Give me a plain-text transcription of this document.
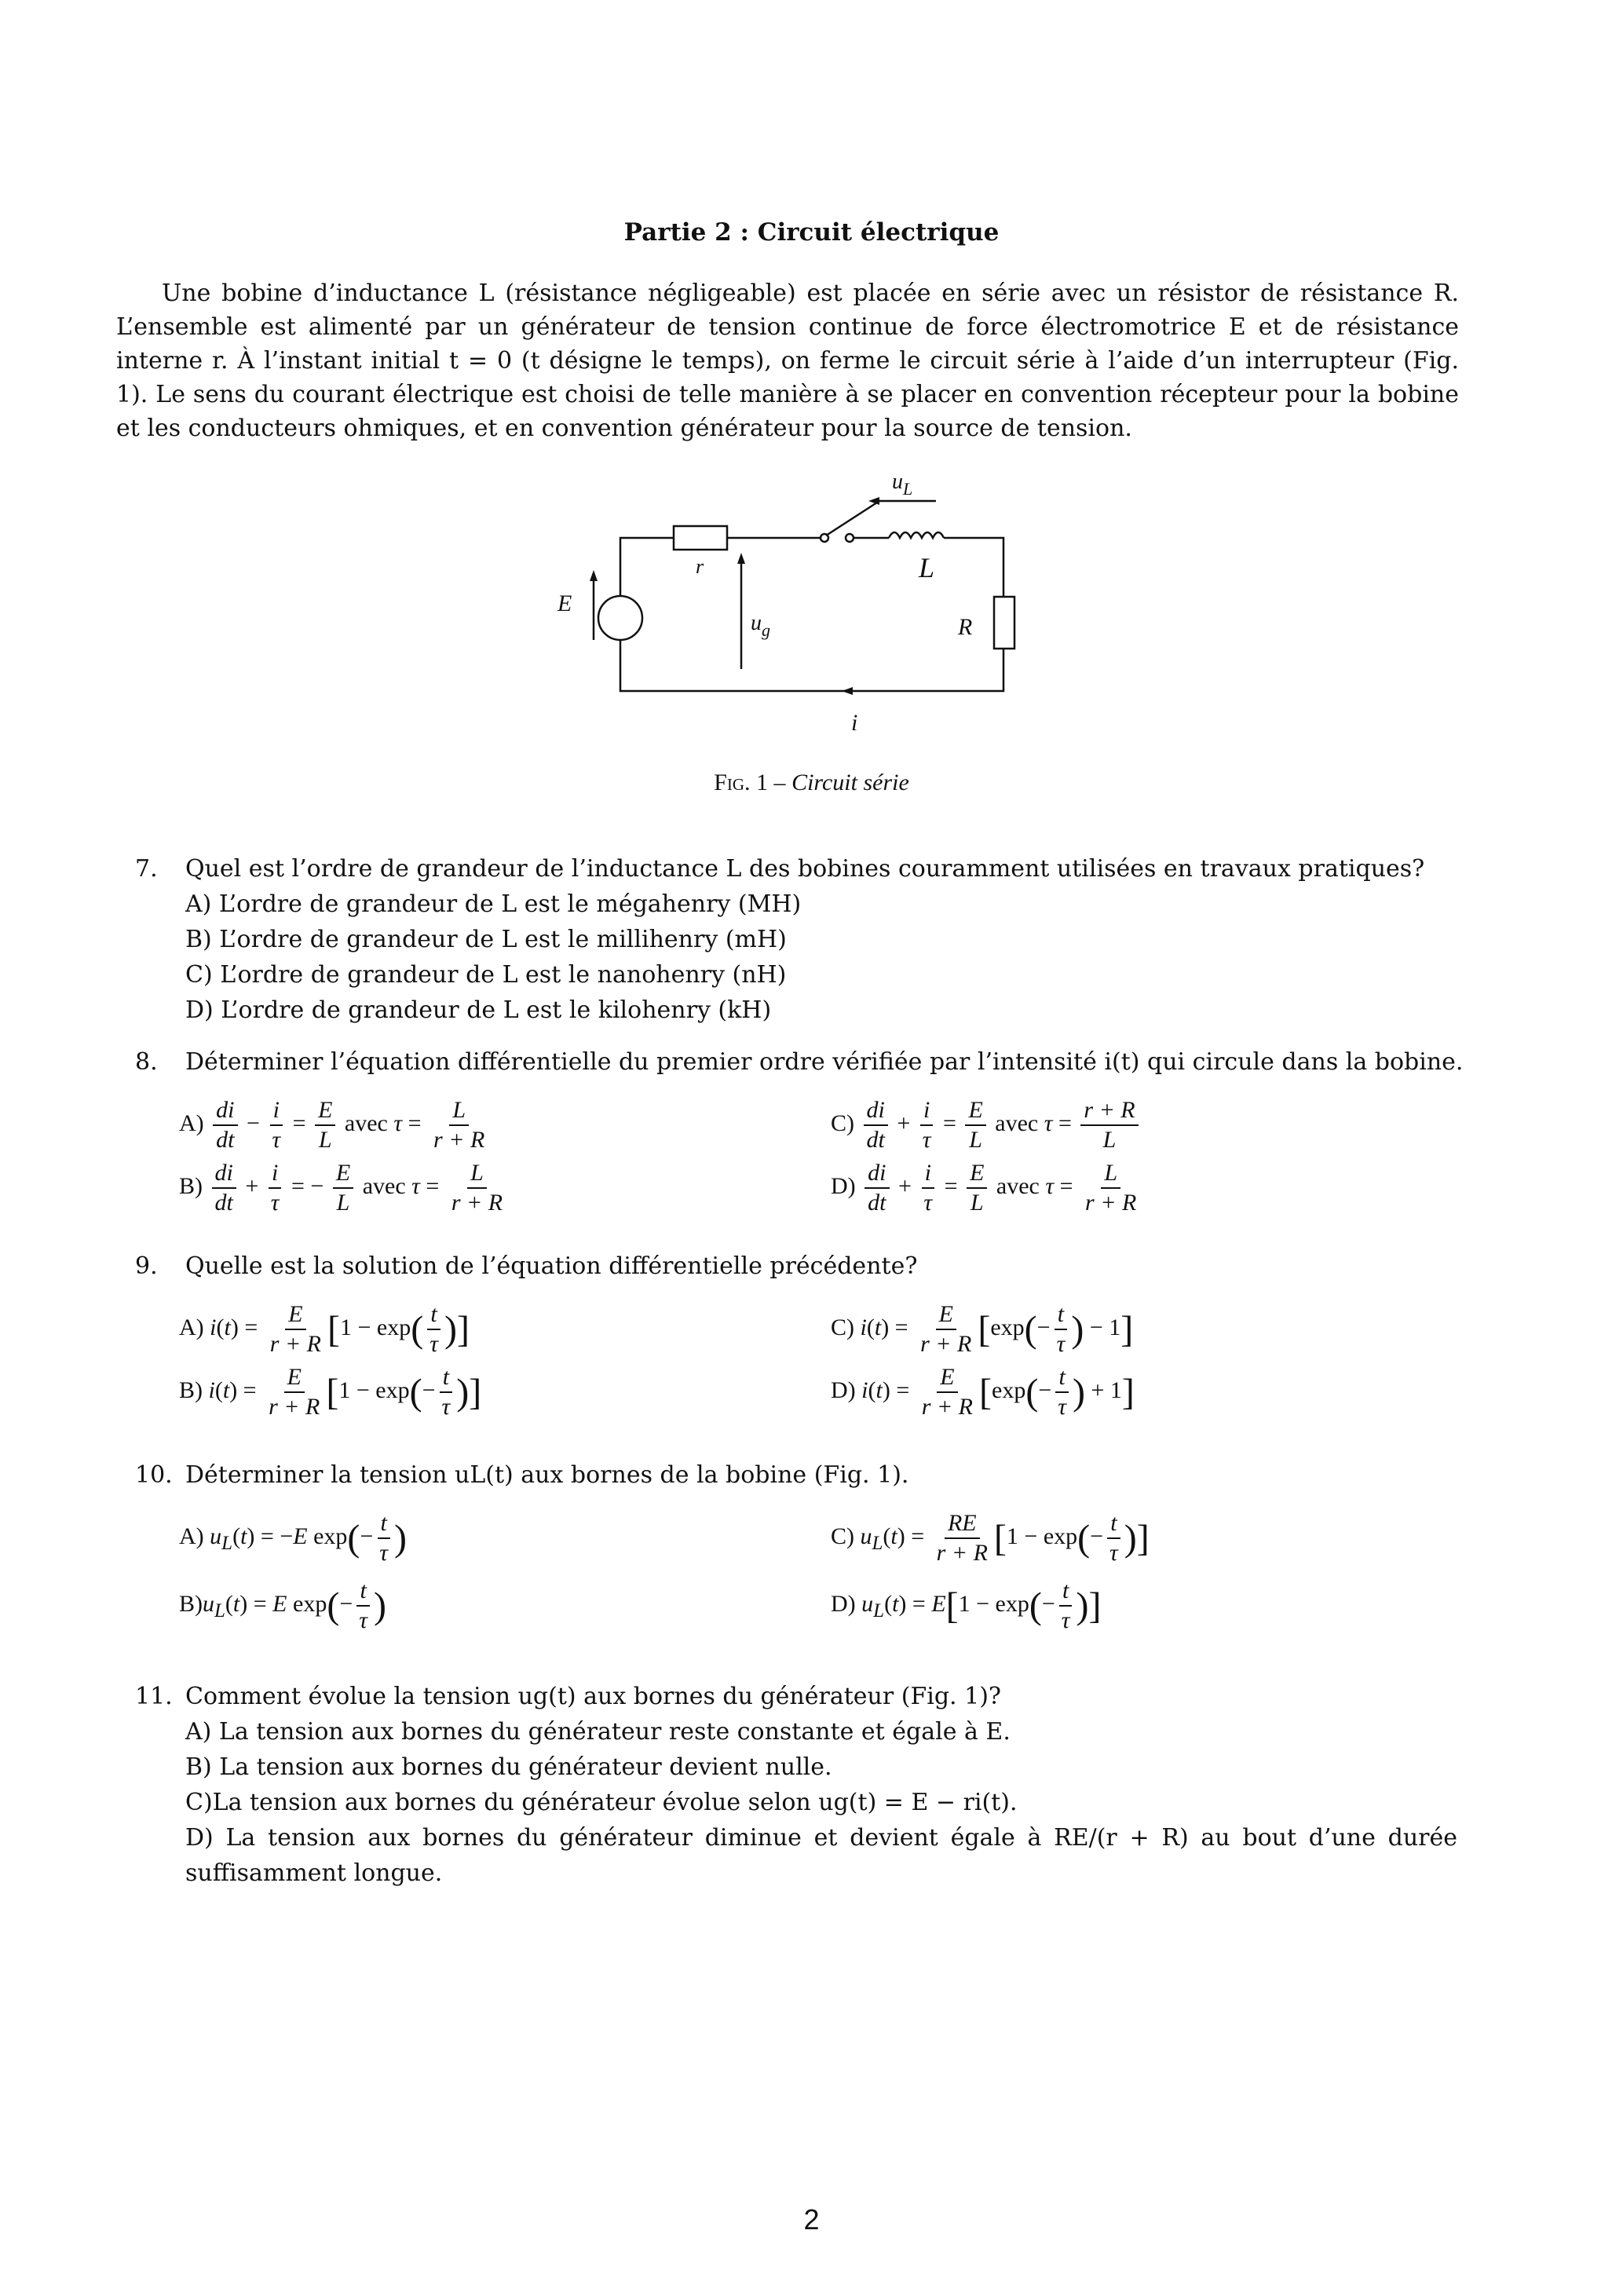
Partie 2 : Circuit électrique
Une bobine d’inductance L (résistance négligeable) est placée en série avec un résistor de résistance R. L’ensemble est alimenté par un générateur de tension continue de force électromotrice E et de résistance interne r. À l’instant initial t = 0 (t désigne le temps), on ferme le circuit série à l’aide d’un interrupteur (Fig. 1). Le sens du courant électrique est choisi de telle manière à se placer en convention récepteur pour la bobine et les conducteurs ohmiques, et en convention générateur pour la source de tension.
E
r
$u_g$
$u_L$
L
R
i
Fig. 1 – Circuit série
7. Quel est l’ordre de grandeur de l’inductance L des bobines couramment utilisées en travaux pratiques?
A) L’ordre de grandeur de L est le mégahenry (MH)
B) L’ordre de grandeur de L est le millihenry (mH)
C) L’ordre de grandeur de L est le nanohenry (nH)
D) L’ordre de grandeur de L est le kilohenry (kH)
8. Déterminer l’équation différentielle du premier ordre vérifiée par l’intensité i(t) qui circule dans la bobine.
$A) \frac{di}{dt} - \frac{i}{\tau} = \frac{E}{L}$ avec $\tau = \frac{L}{r + R}$
$B) \frac{di}{dt} + \frac{i}{\tau}$ = − $\frac{E}{L}$ avec $\tau = \frac{L}{r + R}$
$C) \frac{di}{dt} + \frac{i}{\tau} = \frac{E}{L}$ avec $\tau = \frac{r + R}{L}$
$D) \frac{di}{dt} + \frac{i}{\tau} = \frac{E}{L}$ avec $\tau = \frac{L}{r + R}$
9. Quelle est la solution de l’équation différentielle précédente?
A) $i(t) = \frac{E}{r + R} [1 - \exp( \frac{t}{\tau}$ )]
B) $i(t) = \frac{E}{r + R} [1 - \exp(- \frac{t}{\tau}$ )]
C) $i(t) = \frac{E}{r + R} [\exp(- \frac{t}{\tau}$ ) − 1]
D) $i(t) = \frac{E}{r + R} [\exp(- \frac{t}{\tau}$ ) + 1]
10. Déterminer la tension uL(t) aux bornes de la bobine (Fig. 1).
A) $u_L(t) = -E$ $\exp(- \frac{t}{\tau}$ )
$B)u_L(t) = E$ $\exp(- \frac{t}{\tau}$ )
C) $u_L(t) = \frac{RE}{r + R} [1 - \exp(- \frac{t}{\tau}$ )]
D) $u_L(t) = E[1 - \exp(- \frac{t}{\tau}$ )]
11. Comment évolue la tension ug(t) aux bornes du générateur (Fig. 1)?
A) La tension aux bornes du générateur reste constante et égale à E.
B) La tension aux bornes du générateur devient nulle.
C)La tension aux bornes du générateur évolue selon ug(t) = E − ri(t).
D) La tension aux bornes du générateur diminue et devient égale à RE/(r + R) au bout d’une durée suffisamment longue.
2
